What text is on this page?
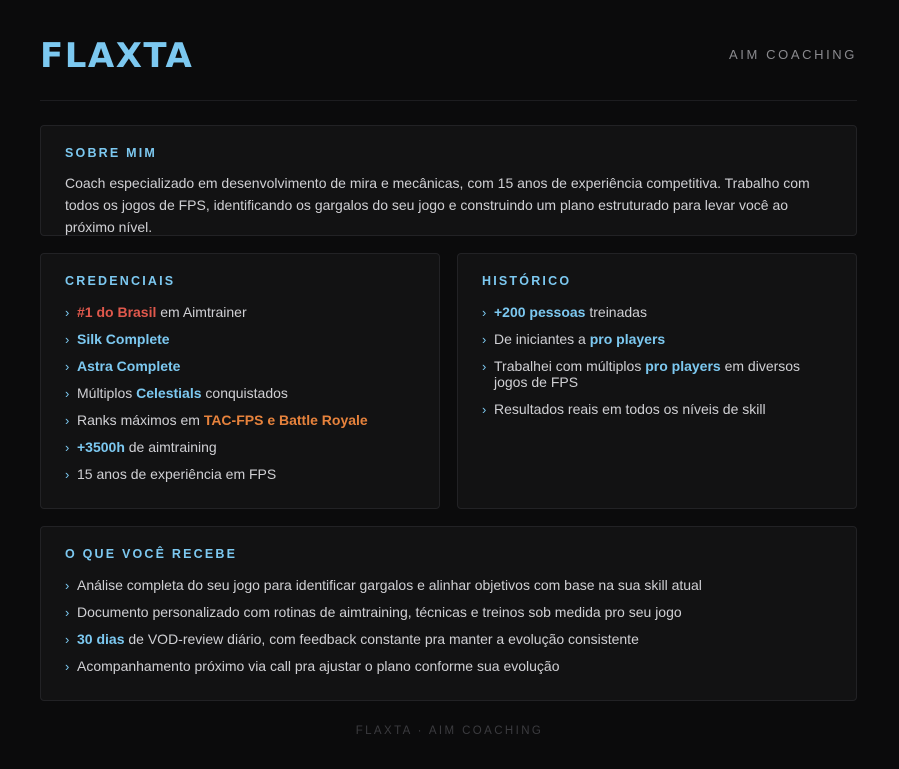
FLAXTA	AIM COACHING
SOBRE MIM

Coach especializado em desenvolvimento de mira e mecânicas, com 15 anos de experiência competitiva. Trabalho com todos os jogos de FPS, identificando os gargalos do seu jogo e construindo um plano estruturado para levar você ao próximo nível.

CREDENCIAIS
› #1 do Brasil em Aimtrainer
› Silk Complete
› Astra Complete
› Múltiplos Celestials conquistados
› Ranks máximos em TAC-FPS e Battle Royale
› +3500h de aimtraining
› 15 anos de experiência em FPS
HISTÓRICO
› +200 pessoas treinadas
› De iniciantes a pro players
› Trabalhei com múltiplos pro players em diversos jogos de FPS
› Resultados reais em todos os níveis de skill
O QUE VOCÊ RECEBE
› Análise completa do seu jogo para identificar gargalos e alinhar objetivos com base na sua skill atual
› Documento personalizado com rotinas de aimtraining, técnicas e treinos sob medida pro seu jogo
› 30 dias de VOD-review diário, com feedback constante pra manter a evolução consistente
› Acompanhamento próximo via call pra ajustar o plano conforme sua evolução
FLAXTA · AIM COACHING
